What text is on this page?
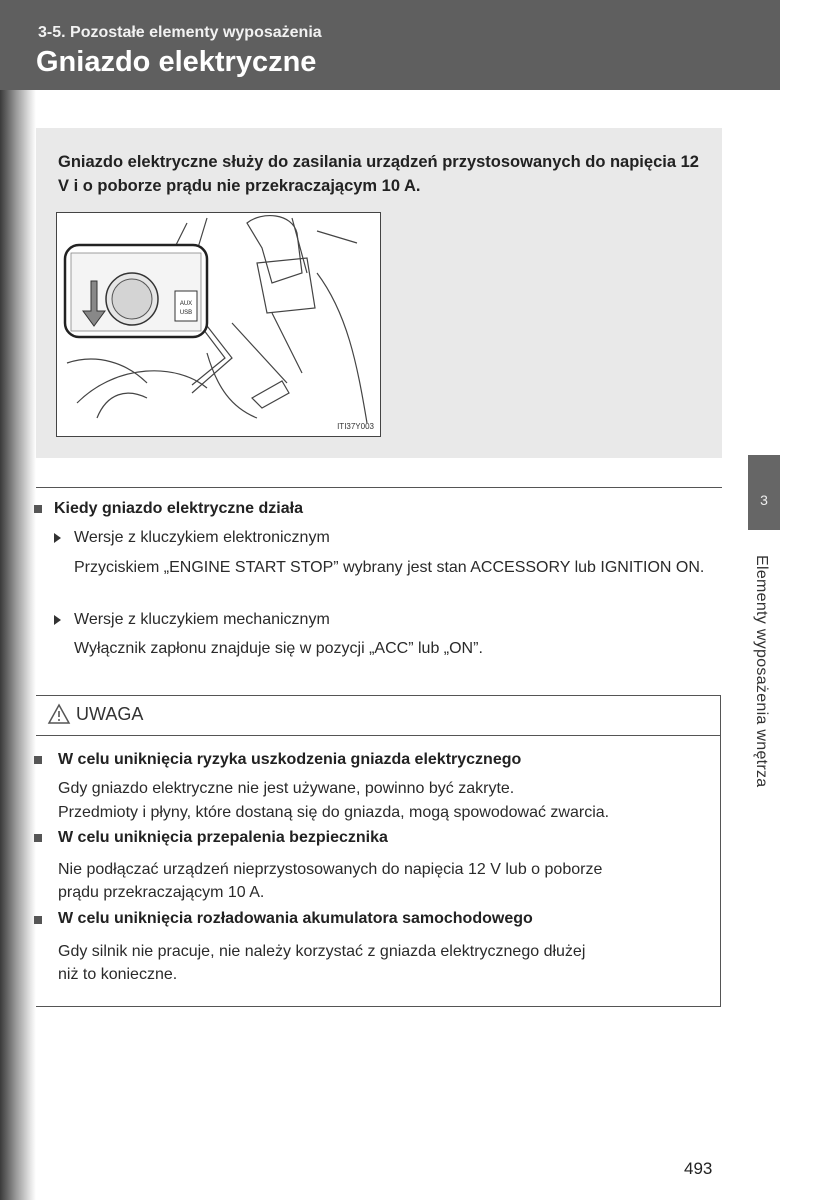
3-5. Pozostałe elementy wyposażenia
Gniazdo elektryczne
Gniazdo elektryczne służy do zasilania urządzeń przystosowanych do napięcia 12 V i o poborze prądu nie przekraczającym 10 A.
AUX
USB
ITI37Y003
Kiedy gniazdo elektryczne działa
Wersje z kluczykiem elektronicznym
Przyciskiem „ENGINE START STOP” wybrany jest stan ACCESSORY lub IGNITION ON.
Wersje z kluczykiem mechanicznym
Wyłącznik zapłonu znajduje się w pozycji „ACC” lub „ON”.
UWAGA
W celu uniknięcia ryzyka uszkodzenia gniazda elektrycznego
Gdy gniazdo elektryczne nie jest używane, powinno być zakryte.
Przedmioty i płyny, które dostaną się do gniazda, mogą spowodować zwarcia.
W celu uniknięcia przepalenia bezpiecznika
Nie podłączać urządzeń nieprzystosowanych do napięcia 12 V lub o poborze
prądu przekraczającym 10 A.
W celu uniknięcia rozładowania akumulatora samochodowego
Gdy silnik nie pracuje, nie należy korzystać z gniazda elektrycznego dłużej
niż to konieczne.
3
Elementy wyposażenia wnętrza
493
